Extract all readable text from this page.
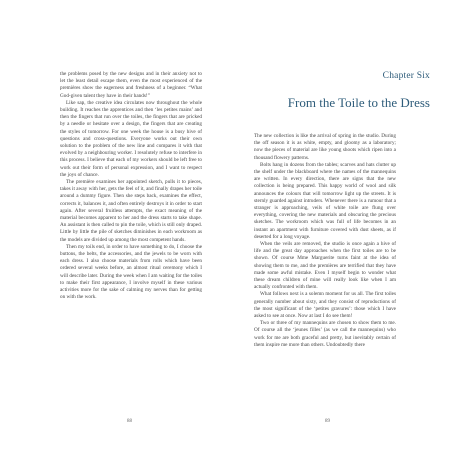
the problems posed by the new designs and in their anxiety not to let the least detail escape them, even the most experienced of the premières show the eagerness and freshness of a beginner. “What God-given talent they have in their hands!”

Like sap, the creative idea circulates now throughout the whole building. It reaches the apprentices and then ‘les petites mains’ and then the fingers that run over the toiles, the fingers that are pricked by a needle or hesitate over a design, the fingers that are creating the styles of tomorrow. For one week the house is a busy hive of questions and cross-questions. Everyone works out their own solution to the problem of the new line and compares it with that evolved by a neighbouring worker. I resolutely refuse to interfere in this process. I believe that each of my workers should be left free to work out their form of personal expression, and I want to respect the joys of chance.

The première examines her appointed sketch, pulls it to pieces, takes it away with her, gets the feel of it, and finally drapes her toile around a dummy figure. Then she steps back, examines the effect, corrects it, balances it, and often entirely destroys it in order to start again. After several fruitless attempts, the exact meaning of the material becomes apparent to her and the dress starts to take shape. An assistant is then called to pin the toile, which is still only draped. Little by little the pile of sketches diminishes in each workroom as the models are divided up among the most competent hands.

Then my toils end, in order to have something to do, I choose the buttons, the belts, the accessories, and the jewels to be worn with each dress. I also choose materials from rolls which have been ordered several weeks before, an almost ritual ceremony which I will describe later. During the week when I am waiting for the toiles to make their first appearance, I involve myself in these various activities more for the sake of calming my nerves than for getting on with the work.

88
Chapter Six
From the Toile to the Dress

The new collection is like the arrival of spring in the studio. During the off season it is as white, empty, and gloomy as a laboratory; now the pieces of material are like young shoots which ripen into a thousand flowery patterns.

Bolts hang in dozens from the tables; scarves and hats clutter up the shelf under the blackboard where the names of the mannequins are written. In every direction, there are signs that the new collection is being prepared. This happy world of wool and silk announces the colours that will tomorrow light up the streets. It is sternly guarded against intruders. Whenever there is a rumour that a stranger is approaching, veils of white toile are flung over everything, covering the new materials and obscuring the precious sketches. The workroom which was full of life becomes in an instant an apartment with furniture covered with dust sheets, as if deserted for a long voyage.

When the veils are removed, the studio is once again a hive of life and the great day approaches when the first toiles are to be shown. Of course Mme Marguerite turns faint at the idea of showing them to me, and the premières are terrified that they have made some awful mistake. Even I myself begin to wonder what these dream children of mine will really look like when I am actually confronted with them.

What follows next is a solemn moment for us all. The first toiles generally number about sixty, and they consist of reproductions of the most significant of the ‘petites gravures’: those which I have asked to see at once. Now at last I do see them!

Two or three of my mannequins are chosen to show them to me. Of course all the ‘jeunes filles’ (as we call the mannequins) who work for me are both graceful and pretty, but inevitably certain of them inspire me more than others. Undoubtedly there

89
